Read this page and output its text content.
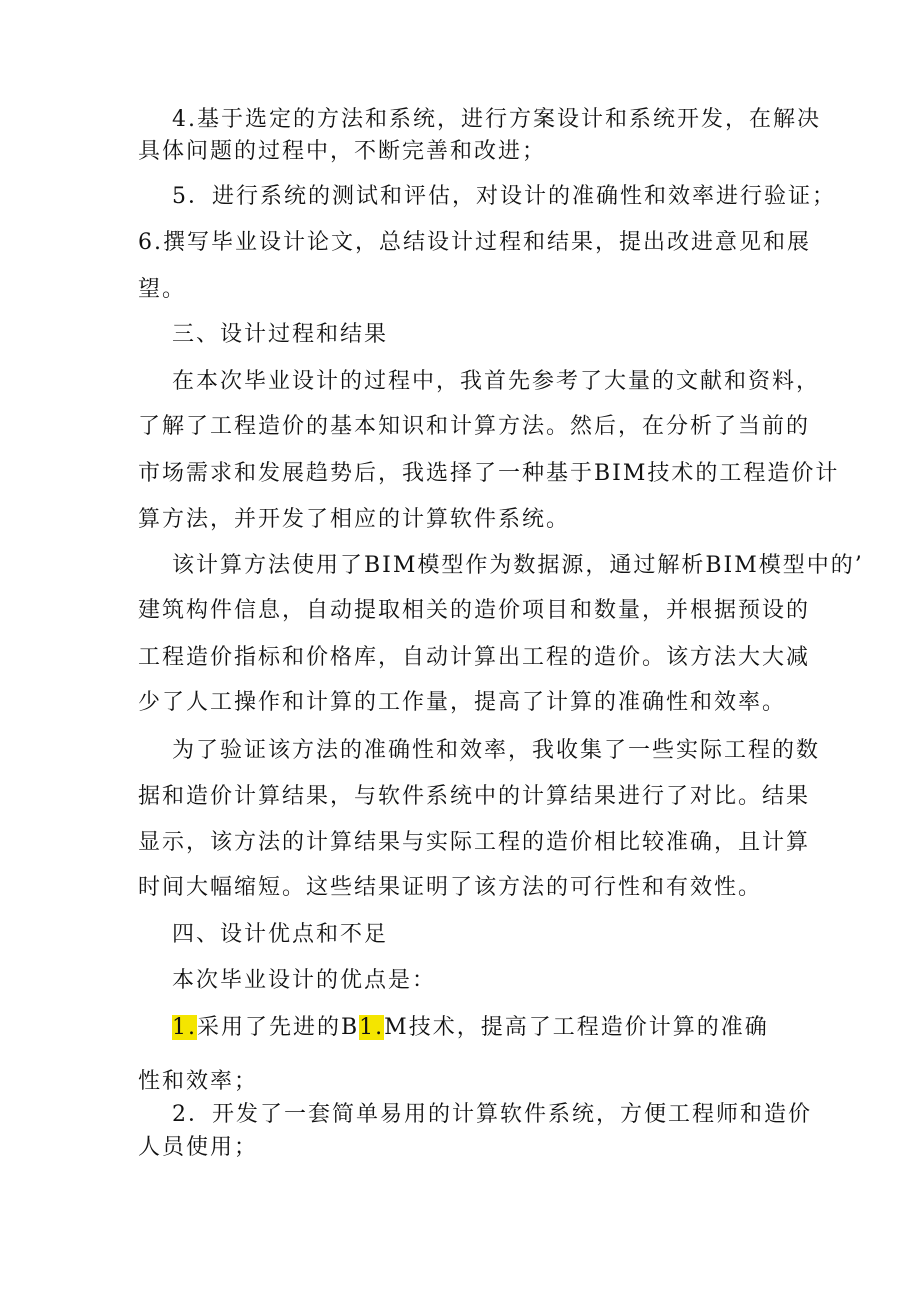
4.基于选定的方法和系统，进行方案设计和系统开发，在解决
具体问题的过程中，不断完善和改进；
5．进行系统的测试和评估，对设计的准确性和效率进行验证；
6.撰写毕业设计论文，总结设计过程和结果，提出改进意见和展
望。
三、设计过程和结果
在本次毕业设计的过程中，我首先参考了大量的文献和资料，
了解了工程造价的基本知识和计算方法。然后，在分析了当前的
市场需求和发展趋势后，我选择了一种基于BIM技术的工程造价计
算方法，并开发了相应的计算软件系统。
该计算方法使用了BIM模型作为数据源，通过解析BIM模型中的’
建筑构件信息，自动提取相关的造价项目和数量，并根据预设的
工程造价指标和价格库，自动计算出工程的造价。该方法大大减
少了人工操作和计算的工作量，提高了计算的准确性和效率。
为了验证该方法的准确性和效率，我收集了一些实际工程的数
据和造价计算结果，与软件系统中的计算结果进行了对比。结果
显示，该方法的计算结果与实际工程的造价相比较准确，且计算
时间大幅缩短。这些结果证明了该方法的可行性和有效性。
四、设计优点和不足
本次毕业设计的优点是：
1.采用了先进的B1.M技术，提高了工程造价计算的准确
性和效率；
2．开发了一套简单易用的计算软件系统，方便工程师和造价
人员使用；
